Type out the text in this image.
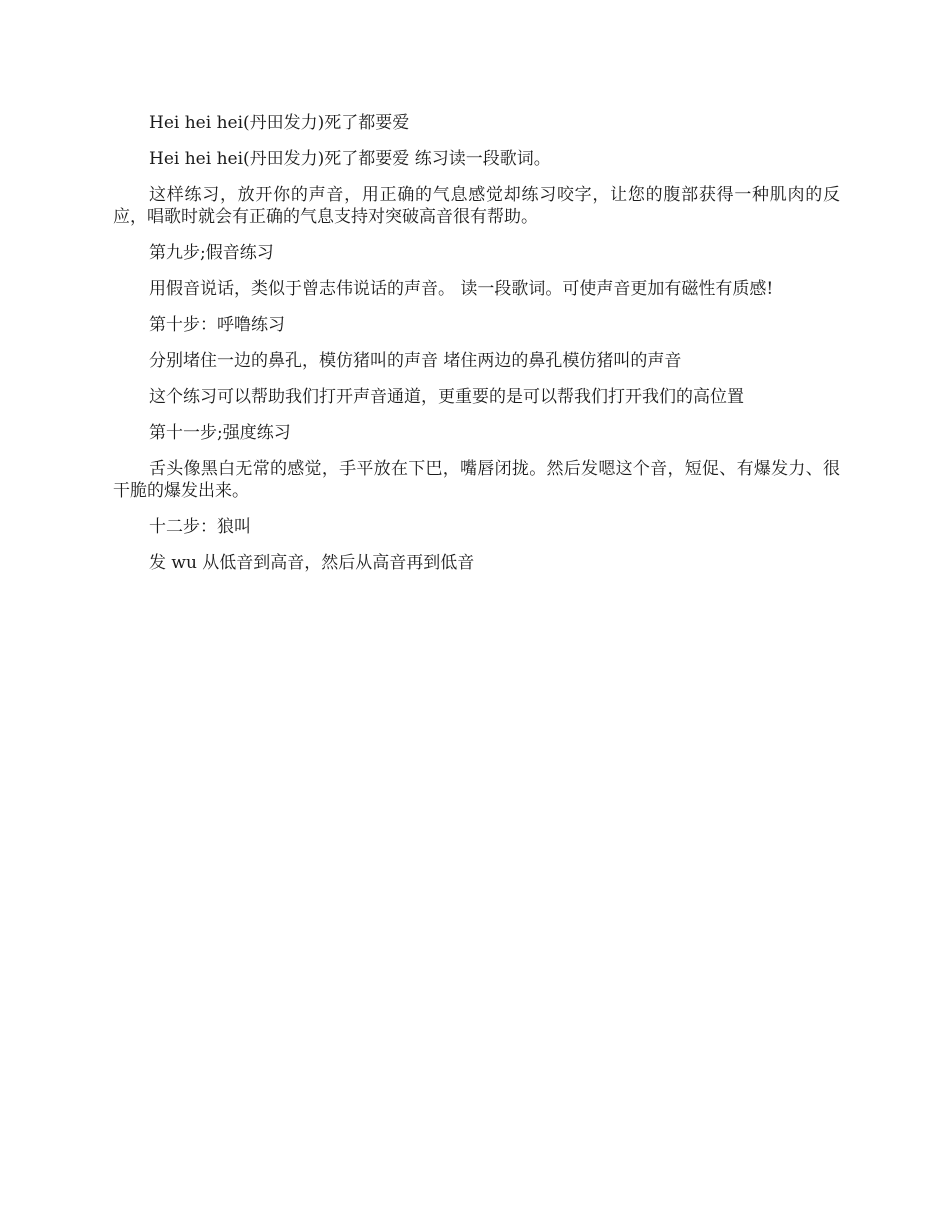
Hei hei hei(丹田发力)死了都要爱

Hei hei hei(丹田发力)死了都要爱 练习读一段歌词。

这样练习，放开你的声音，用正确的气息感觉却练习咬字，让您的腹部获得一种肌肉的反应，唱歌时就会有正确的气息支持对突破高音很有帮助。

第九步;假音练习

用假音说话，类似于曾志伟说话的声音。 读一段歌词。可使声音更加有磁性有质感!

第十步：呼噜练习

分别堵住一边的鼻孔，模仿猪叫的声音 堵住两边的鼻孔模仿猪叫的声音

这个练习可以帮助我们打开声音通道，更重要的是可以帮我们打开我们的高位置

第十一步;强度练习

舌头像黑白无常的感觉，手平放在下巴，嘴唇闭拢。然后发嗯这个音，短促、有爆发力、很干脆的爆发出来。

十二步：狼叫

发 wu 从低音到高音，然后从高音再到低音
